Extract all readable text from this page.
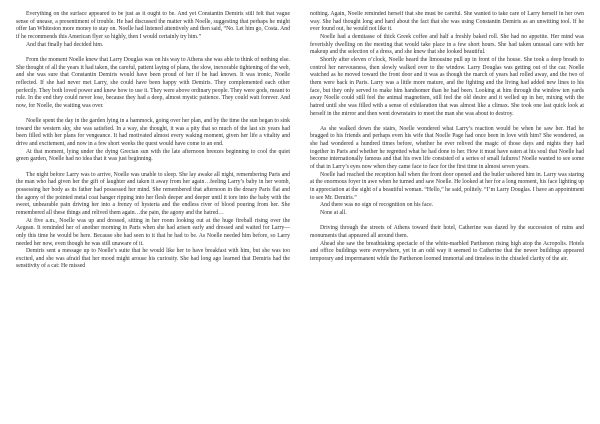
Everything on the surface appeared to be just as it ought to be. And yet Constantin Demiris still felt that vague sense of unease, a presentiment of trouble. He had discussed the matter with Noelle, suggesting that perhaps he might offer Ian Whiteston more money to stay on. Noelle had listened attentively and then said, “No. Let him go, Costa. And if he recommends this American flyer so highly, then I would certainly try him.”

And that finally had decided him.

From the moment Noelle knew that Larry Douglas was on his way to Athens she was able to think of nothing else. She thought of all the years it had taken, the careful, patient laying of plans, the slow, inexorable tightening of the web, and she was sure that Constantin Demiris would have been proud of her if he had known. It was ironic, Noelle reflected. If she had never met Larry, she could have been happy with Demiris. They complemented each other perfectly. They both loved power and knew how to use it. They were above ordinary people. They were gods, meant to rule. In the end they could never lose, because they had a deep, almost mystic patience. They could wait forever. And now, for Noelle, the waiting was over.

Noelle spent the day in the garden lying in a hammock, going over her plan, and by the time the sun began to sink toward the western sky, she was satisfied. In a way, she thought, it was a pity that so much of the last six years had been filled with her plans for vengeance. It had motivated almost every waking moment, given her life a vitality and drive and excitement, and now in a few short weeks the quest would have come to an end.

At that moment, lying under the dying Grecian sun with the late afternoon breezes beginning to cool the quiet green garden, Noelle had no idea that it was just beginning.

The night before Larry was to arrive, Noelle was unable to sleep. She lay awake all night, remembering Paris and the man who had given her the gift of laughter and taken it away from her again…feeling Larry’s baby in her womb, possessing her body as its father had possessed her mind. She remembered that afternoon in the dreary Paris flat and the agony of the pointed metal coat hanger ripping into her flesh deeper and deeper until it tore into the baby with the sweet, unbearable pain driving her into a frenzy of hysteria and the endless river of blood pouring from her. She remembered all these things and relived them again…the pain, the agony and the hatred…

At five a.m., Noelle was up and dressed, sitting in her room looking out at the huge fireball rising over the Aegean. It reminded her of another morning in Paris when she had arisen early and dressed and waited for Larry—only this time he would be here. Because she had seen to it that he had to be. As Noelle needed him before, so Larry needed her now, even though he was still unaware of it.

Demiris sent a message up to Noelle’s suite that he would like her to have breakfast with him, but she was too excited, and she was afraid that her mood might arouse his curiosity. She had long ago learned that Demiris had the sensitivity of a cat: He missed

nothing. Again, Noelle reminded herself that she must be careful. She wanted to take care of Larry herself in her own way. She had thought long and hard about the fact that she was using Constantin Demiris as an unwitting tool. If he ever found out, he would not like it.

Noelle had a demitasse of thick Greek coffee and half a freshly baked roll. She had no appetite. Her mind was feverishly dwelling on the meeting that would take place in a few short hours. She had taken unusual care with her makeup and the selection of a dress, and she knew that she looked beautiful.

Shortly after eleven o’clock, Noelle heard the limousine pull up in front of the house. She took a deep breath to control her nervousness, then slowly walked over to the window. Larry Douglas was getting out of the car. Noelle watched as he moved toward the front door and it was as though the march of years had rolled away, and the two of them were back in Paris. Larry was a little more mature, and the fighting and the living had added new lines to his face, but they only served to make him handsomer than he had been. Looking at him through the window ten yards away Noelle could still feel the animal magnetism, still feel the old desire and it welled up in her, mixing with the hatred until she was filled with a sense of exhilaration that was almost like a climax. She took one last quick look at herself in the mirror and then went downstairs to meet the man she was about to destroy.

As she walked down the stairs, Noelle wondered what Larry’s reaction would be when he saw her. Had he bragged to his friends and perhaps even his wife that Noelle Page had once been in love with him? She wondered, as she had wondered a hundred times before, whether he ever relived the magic of those days and nights they had together in Paris and whether he regretted what he had done to her. How it must have eaten at his soul that Noelle had become internationally famous and that his own life consisted of a series of small failures! Noelle wanted to see some of that in Larry’s eyes now when they came face to face for the first time in almost seven years.

Noelle had reached the reception hall when the front door opened and the butler ushered him in. Larry was staring at the enormous foyer in awe when he turned and saw Noelle. He looked at her for a long moment, his face lighting up in appreciation at the sight of a beautiful woman. “Hello,” he said, politely. “I’m Larry Douglas. I have an appointment to see Mr. Demiris.”

And there was no sign of recognition on his face.

None at all.

Driving through the streets of Athens toward their hotel, Catherine was dazed by the succession of ruins and monuments that appeared all around them.

Ahead she saw the breathtaking spectacle of the white-marbled Parthenon rising high atop the Acropolis. Hotels and office buildings were everywhere, yet in an odd way it seemed to Catherine that the newer buildings appeared temporary and impermanent while the Parthenon loomed immortal and timeless in the chiseled clarity of the air.
